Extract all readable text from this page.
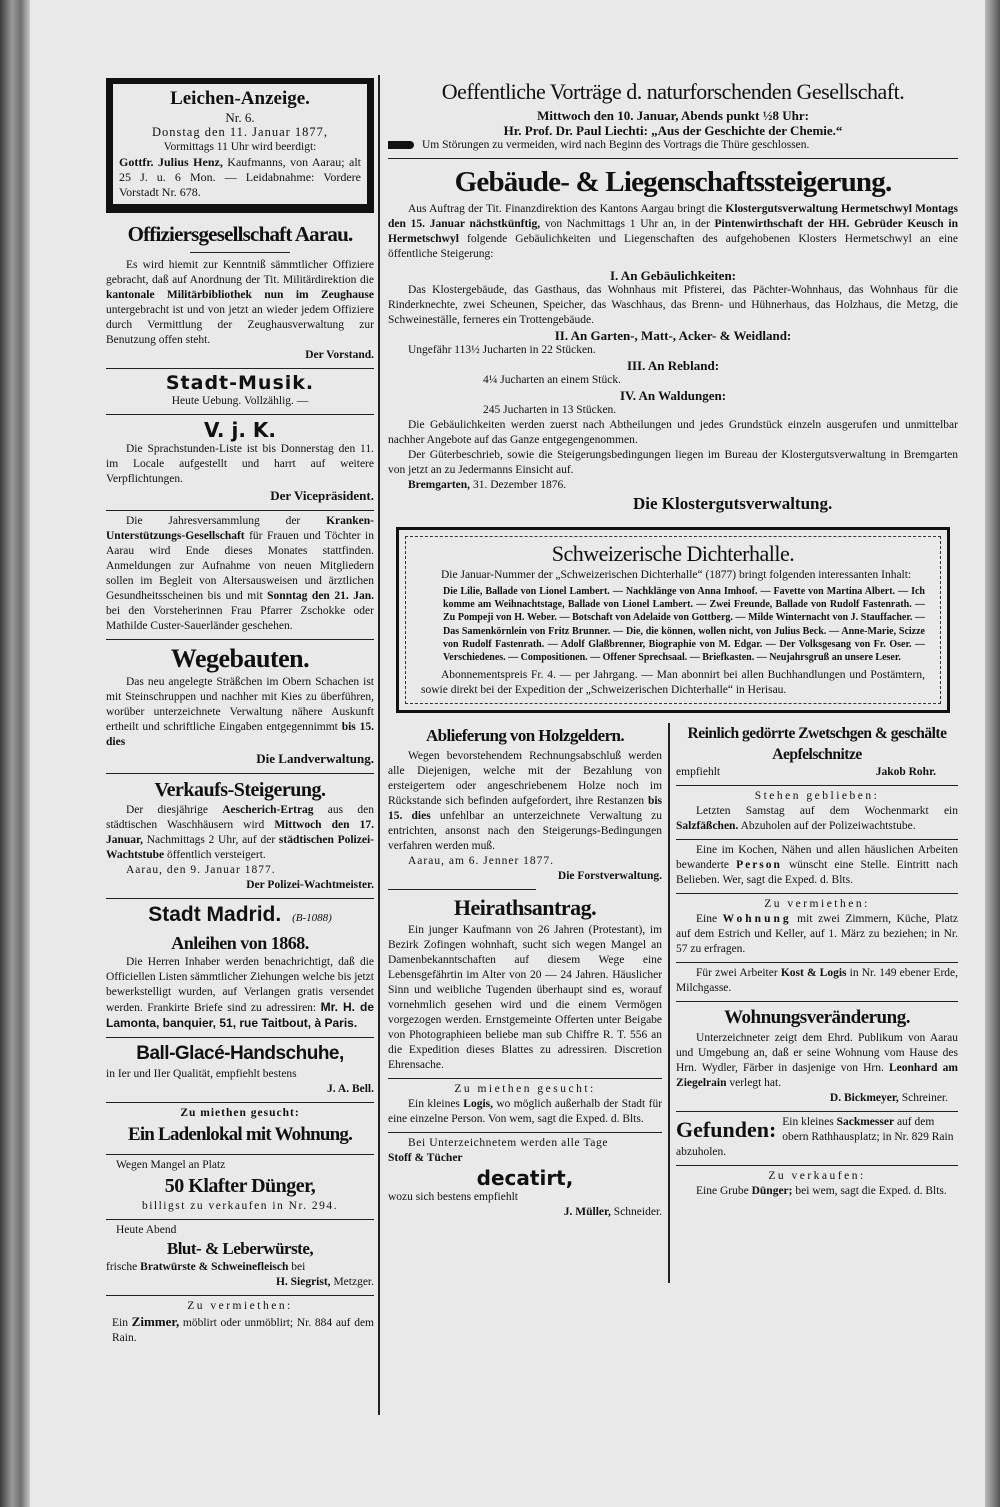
Leichen-Anzeige.
Nr. 6.
Donstag den 11. Januar 1877,
Vormittags 11 Uhr wird beerdigt:
Gottfr. Julius Henz, Kaufmanns, von Aarau; alt 25 J. u. 6 Mon. — Leidabnahme: Vordere Vorstadt Nr. 678.
Offiziersgesellschaft Aarau.
Es wird hiemit zur Kenntniß sämmtlicher Offiziere gebracht, daß auf Anordnung der Tit. Militärdirektion die kantonale Militärbibliothek nun im Zeughause untergebracht ist und von jetzt an wieder jedem Offiziere durch Vermittlung der Zeughausverwaltung zur Benutzung offen steht.
Der Vorstand.
Stadt-Musik.
Heute Uebung. Vollzählig. —
V. j. K.
Die Sprachstunden-Liste ist bis Donnerstag den 11. im Locale aufgestellt und harrt auf weitere Verpflichtungen.
Der Vicepräsident.
Die Jahresversammlung der Kranken-Unterstützungs-Gesellschaft für Frauen und Töchter in Aarau wird Ende dieses Monates stattfinden. Anmeldungen zur Aufnahme von neuen Mitgliedern sollen im Begleit von Altersausweisen und ärztlichen Gesundheitsscheinen bis und mit Sonntag den 21. Jan. bei den Vorsteherinnen Frau Pfarrer Zschokke oder Mathilde Custer-Sauerländer geschehen.
Wegebauten.
Das neu angelegte Sträßchen im Obern Schachen ist mit Steinschruppen und nachher mit Kies zu überführen, worüber unterzeichnete Verwaltung nähere Auskunft ertheilt und schriftliche Eingaben entgegennimmt bis 15. dies
Die Landverwaltung.
Verkaufs-Steigerung.
Der diesjährige Aescherich-Ertrag aus den städtischen Waschhäusern wird Mittwoch den 17. Januar, Nachmittags 2 Uhr, auf der städtischen Polizei-Wachtstube öffentlich versteigert.
Aarau, den 9. Januar 1877.
Der Polizei-Wachtmeister.
Stadt Madrid. (B-1088)
Anleihen von 1868.
Die Herren Inhaber werden benachrichtigt, daß die Officiellen Listen sämmtlicher Ziehungen welche bis jetzt bewerkstelligt wurden, auf Verlangen gratis versendet werden. Frankirte Briefe sind zu adressiren: Mr. H. de Lamonta, banquier, 51, rue Taitbout, à Paris.
Ball-Glacé-Handschuhe,
in Ier und IIer Qualität, empfiehlt bestens
J. A. Bell.
Zu miethen gesucht:
Ein Ladenlokal mit Wohnung.
Wegen Mangel an Platz
50 Klafter Dünger,
billigst zu verkaufen in Nr. 294.
Heute Abend
Blut- & Leberwürste,
frische Bratwürste & Schweinefleisch bei
H. Siegrist, Metzger.
Zu vermiethen:
Ein Zimmer, möblirt oder unmöblirt; Nr. 884 auf dem Rain.
Oeffentliche Vorträge d. naturforschenden Gesellschaft.
Mittwoch den 10. Januar, Abends punkt ½8 Uhr:
Hr. Prof. Dr. Paul Liechti: „Aus der Geschichte der Chemie.“
Um Störungen zu vermeiden, wird nach Beginn des Vortrags die Thüre geschlossen.
Gebäude- & Liegenschaftssteigerung.
Aus Auftrag der Tit. Finanzdirektion des Kantons Aargau bringt die Klostergutsverwaltung Hermetschwyl Montags den 15. Januar nächstkünftig, von Nachmittags 1 Uhr an, in der Pintenwirthschaft der HH. Gebrüder Keusch in Hermetschwyl folgende Gebäulichkeiten und Liegenschaften des aufgehobenen Klosters Hermetschwyl an eine öffentliche Steigerung:
I. An Gebäulichkeiten:
Das Klostergebäude, das Gasthaus, das Wohnhaus mit Pfisterei, das Pächter-Wohnhaus, das Wohnhaus für die Rinderknechte, zwei Scheunen, Speicher, das Waschhaus, das Brenn- und Hühnerhaus, das Holzhaus, die Metzg, die Schweineställe, ferneres ein Trottengebäude.
II. An Garten-, Matt-, Acker- & Weidland:
Ungefähr 113½ Jucharten in 22 Stücken.
III. An Rebland:
4¼ Jucharten an einem Stück.
IV. An Waldungen:
245 Jucharten in 13 Stücken.
Die Gebäulichkeiten werden zuerst nach Abtheilungen und jedes Grundstück einzeln ausgerufen und unmittelbar nachher Angebote auf das Ganze entgegengenommen.
Der Güterbeschrieb, sowie die Steigerungsbedingungen liegen im Bureau der Klostergutsverwaltung in Bremgarten von jetzt an zu Jedermanns Einsicht auf.
Bremgarten, 31. Dezember 1876.
Die Klostergutsverwaltung.
Schweizerische Dichterhalle.
Die Januar-Nummer der „Schweizerischen Dichterhalle“ (1877) bringt folgenden interessanten Inhalt:
Die Lilie, Ballade von Lionel Lambert. — Nachklänge von Anna Imhoof. — Favette von Martina Albert. — Ich komme am Weihnachtstage, Ballade von Lionel Lambert. — Zwei Freunde, Ballade von Rudolf Fastenrath. — Zu Pompeji von H. Weber. — Botschaft von Adelaide von Gottberg. — Milde Winternacht von J. Stauffacher. — Das Samenkörnlein von Fritz Brunner. — Die, die können, wollen nicht, von Julius Beck. — Anne-Marie, Scizze von Rudolf Fastenrath. — Adolf Glaßbrenner, Biographie von M. Edgar. — Der Volksgesang von Fr. Oser. — Verschiedenes. — Compositionen. — Offener Sprechsaal. — Briefkasten. — Neujahrsgruß an unsere Leser.
Abonnementspreis Fr. 4. — per Jahrgang. — Man abonnirt bei allen Buchhandlungen und Postämtern, sowie direkt bei der Expedition der „Schweizerischen Dichterhalle“ in Herisau.
Ablieferung von Holzgeldern.
Wegen bevorstehendem Rechnungsabschluß werden alle Diejenigen, welche mit der Bezahlung von ersteigertem oder angeschriebenem Holze noch im Rückstande sich befinden aufgefordert, ihre Restanzen bis 15. dies unfehlbar an unterzeichnete Verwaltung zu entrichten, ansonst nach den Steigerungs-Bedingungen verfahren werden muß.
Aarau, am 6. Jenner 1877.
Die Forstverwaltung.
Heirathsantrag.
Ein junger Kaufmann von 26 Jahren (Protestant), im Bezirk Zofingen wohnhaft, sucht sich wegen Mangel an Damenbekanntschaften auf diesem Wege eine Lebensgefährtin im Alter von 20 — 24 Jahren. Häuslicher Sinn und weibliche Tugenden überhaupt sind es, worauf vornehmlich gesehen wird und die einem Vermögen vorgezogen werden. Ernstgemeinte Offerten unter Beigabe von Photographieen beliebe man sub Chiffre R. T. 556 an die Expedition dieses Blattes zu adressiren. Discretion Ehrensache.
Zu miethen gesucht:
Ein kleines Logis, wo möglich außerhalb der Stadt für eine einzelne Person. Von wem, sagt die Exped. d. Blts.
Bei Unterzeichnetem werden alle Tage
Stoff & Tücher
decatirt,
wozu sich bestens empfiehlt
J. Müller, Schneider.
Reinlich gedörrte Zwetschgen & geschälte Aepfelschnitze
empfiehlt	Jakob Rohr.
Stehen geblieben:
Letzten Samstag auf dem Wochenmarkt ein Salzfäßchen. Abzuholen auf der Polizeiwachtstube.
Eine im Kochen, Nähen und allen häuslichen Arbeiten bewanderte Person wünscht eine Stelle. Eintritt nach Belieben. Wer, sagt die Exped. d. Blts.
Zu vermiethen:
Eine Wohnung mit zwei Zimmern, Küche, Platz auf dem Estrich und Keller, auf 1. März zu beziehen; in Nr. 57 zu erfragen.
Für zwei Arbeiter Kost & Logis in Nr. 149 ebener Erde, Milchgasse.
Wohnungsveränderung.
Unterzeichneter zeigt dem Ehrd. Publikum von Aarau und Umgebung an, daß er seine Wohnung vom Hause des Hrn. Wydler, Färber in dasjenige von Hrn. Leonhard am Ziegelrain verlegt hat.
D. Bickmeyer, Schreiner.
Gefunden: Ein kleines Sackmesser auf dem obern Rathhausplatz; in Nr. 829 Rain abzuholen.
Zu verkaufen:
Eine Grube Dünger; bei wem, sagt die Exped. d. Blts.
